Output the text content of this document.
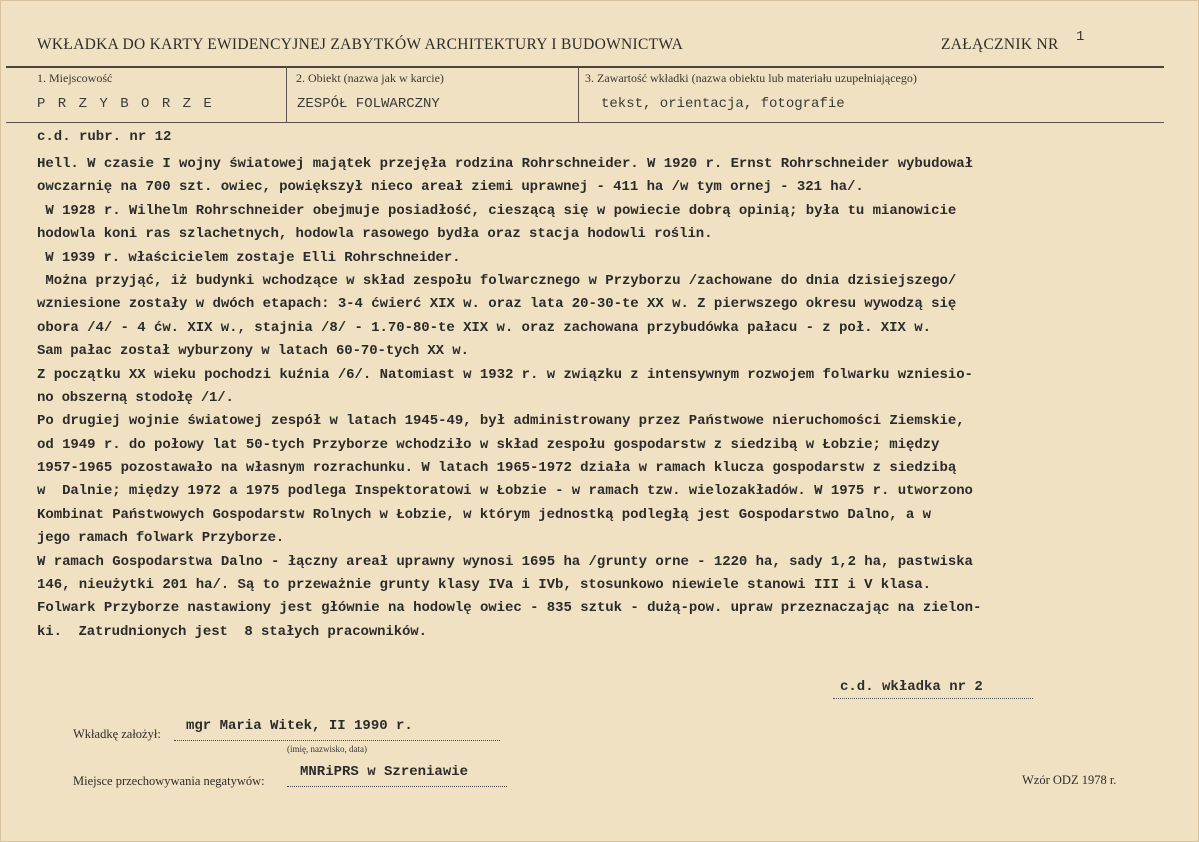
WKŁADKA DO KARTY EWIDENCYJNEJ ZABYTKÓW ARCHITEKTURY I BUDOWNICTWA	ZAŁĄCZNIK NR 1
1. Miejscowość
P R Z Y B O R Z E
2. Obiekt (nazwa jak w karcie)
ZESPÓŁ FOLWARCZNY
3. Zawartość wkładki (nazwa obiektu lub materiału uzupełniającego)
tekst, orientacja, fotografie
c.d. rubr. nr 12
Hell. W czasie I wojny światowej majątek przejęła rodzina Rohrschneider. W 1920 r. Ernst Rohrschneider wybudował
owczarnię na 700 szt. owiec, powiększył nieco areał ziemi uprawnej - 411 ha /w tym ornej - 321 ha/.
W 1928 r. Wilhelm Rohrschneider obejmuje posiadłość, cieszącą się w powiecie dobrą opinią; była tu mianowicie
hodowla koni ras szlachetnych, hodowla rasowego bydła oraz stacja hodowli roślin.
W 1939 r. właścicielem zostaje Elli Rohrschneider.
Można przyjąć, iż budynki wchodzące w skład zespołu folwarcznego w Przyborzu /zachowane do dnia dzisiejszego/
wzniesione zostały w dwóch etapach: 3-4 ćwierć XIX w. oraz lata 20-30-te XX w. Z pierwszego okresu wywodzą się
obora /4/ - 4 ćw. XIX w., stajnia /8/ - 1.70-80-te XIX w. oraz zachowana przybudówka pałacu - z poł. XIX w.
Sam pałac został wyburzony w latach 60-70-tych XX w.
Z początku XX wieku pochodzi kuźnia /6/. Natomiast w 1932 r. w związku z intensywnym rozwojem folwarku wzniesio-
no obszerną stodołę /1/.
Po drugiej wojnie światowej zespół w latach 1945-49, był administrowany przez Państwowe nieruchomości Ziemskie,
od 1949 r. do połowy lat 50-tych Przyborze wchodziło w skład zespołu gospodarstw z siedzibą w Łobzie; między
1957-1965 pozostawało na własnym rozrachunku. W latach 1965-1972 działa w ramach klucza gospodarstw z siedzibą
w  Dalnie; między 1972 a 1975 podlega Inspektoratowi w Łobzie - w ramach tzw. wielozakładów. W 1975 r. utworzono
Kombinat Państwowych Gospodarstw Rolnych w Łobzie, w którym jednostką podległą jest Gospodarstwo Dalno, a w
jego ramach folwark Przyborze.
W ramach Gospodarstwa Dalno - łączny areał uprawny wynosi 1695 ha /grunty orne - 1220 ha, sady 1,2 ha, pastwiska
146, nieużytki 201 ha/. Są to przeważnie grunty klasy IVa i IVb, stosunkowo niewiele stanowi III i V klasa.
Folwark Przyborze nastawiony jest głównie na hodowlę owiec - 835 sztuk - dużą-pow. upraw przeznaczając na zielon-
ki.  Zatrudnionych jest  8 stałych pracowników.
c.d. wkładka nr 2
Wkładkę założył: mgr Maria Witek, II 1990 r.
(imię, nazwisko, data)
Miejsce przechowywania negatywów:
MNRiPRS w Szreniawie	Wzór ODZ 1978 r.
